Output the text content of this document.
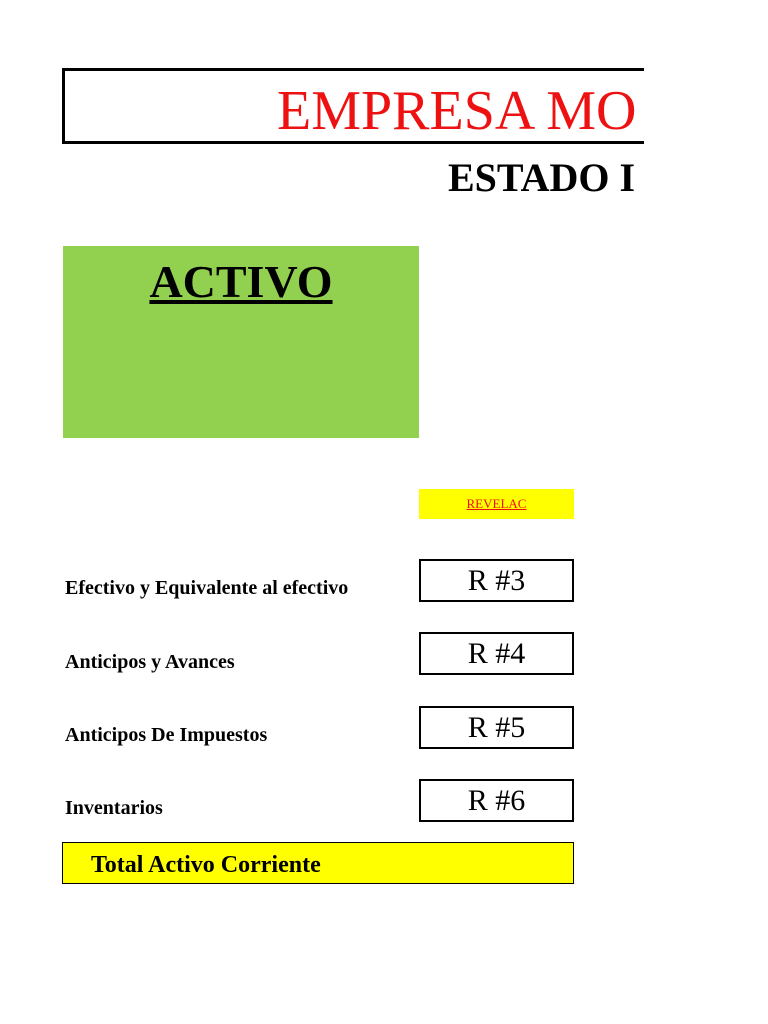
EMPRESA MO
ESTADO I
ACTIVO
REVELAC
Efectivo y Equivalente al efectivo	R #3
Anticipos y Avances	R #4
Anticipos De Impuestos	R #5
Inventarios	R #6
Total Activo Corriente
